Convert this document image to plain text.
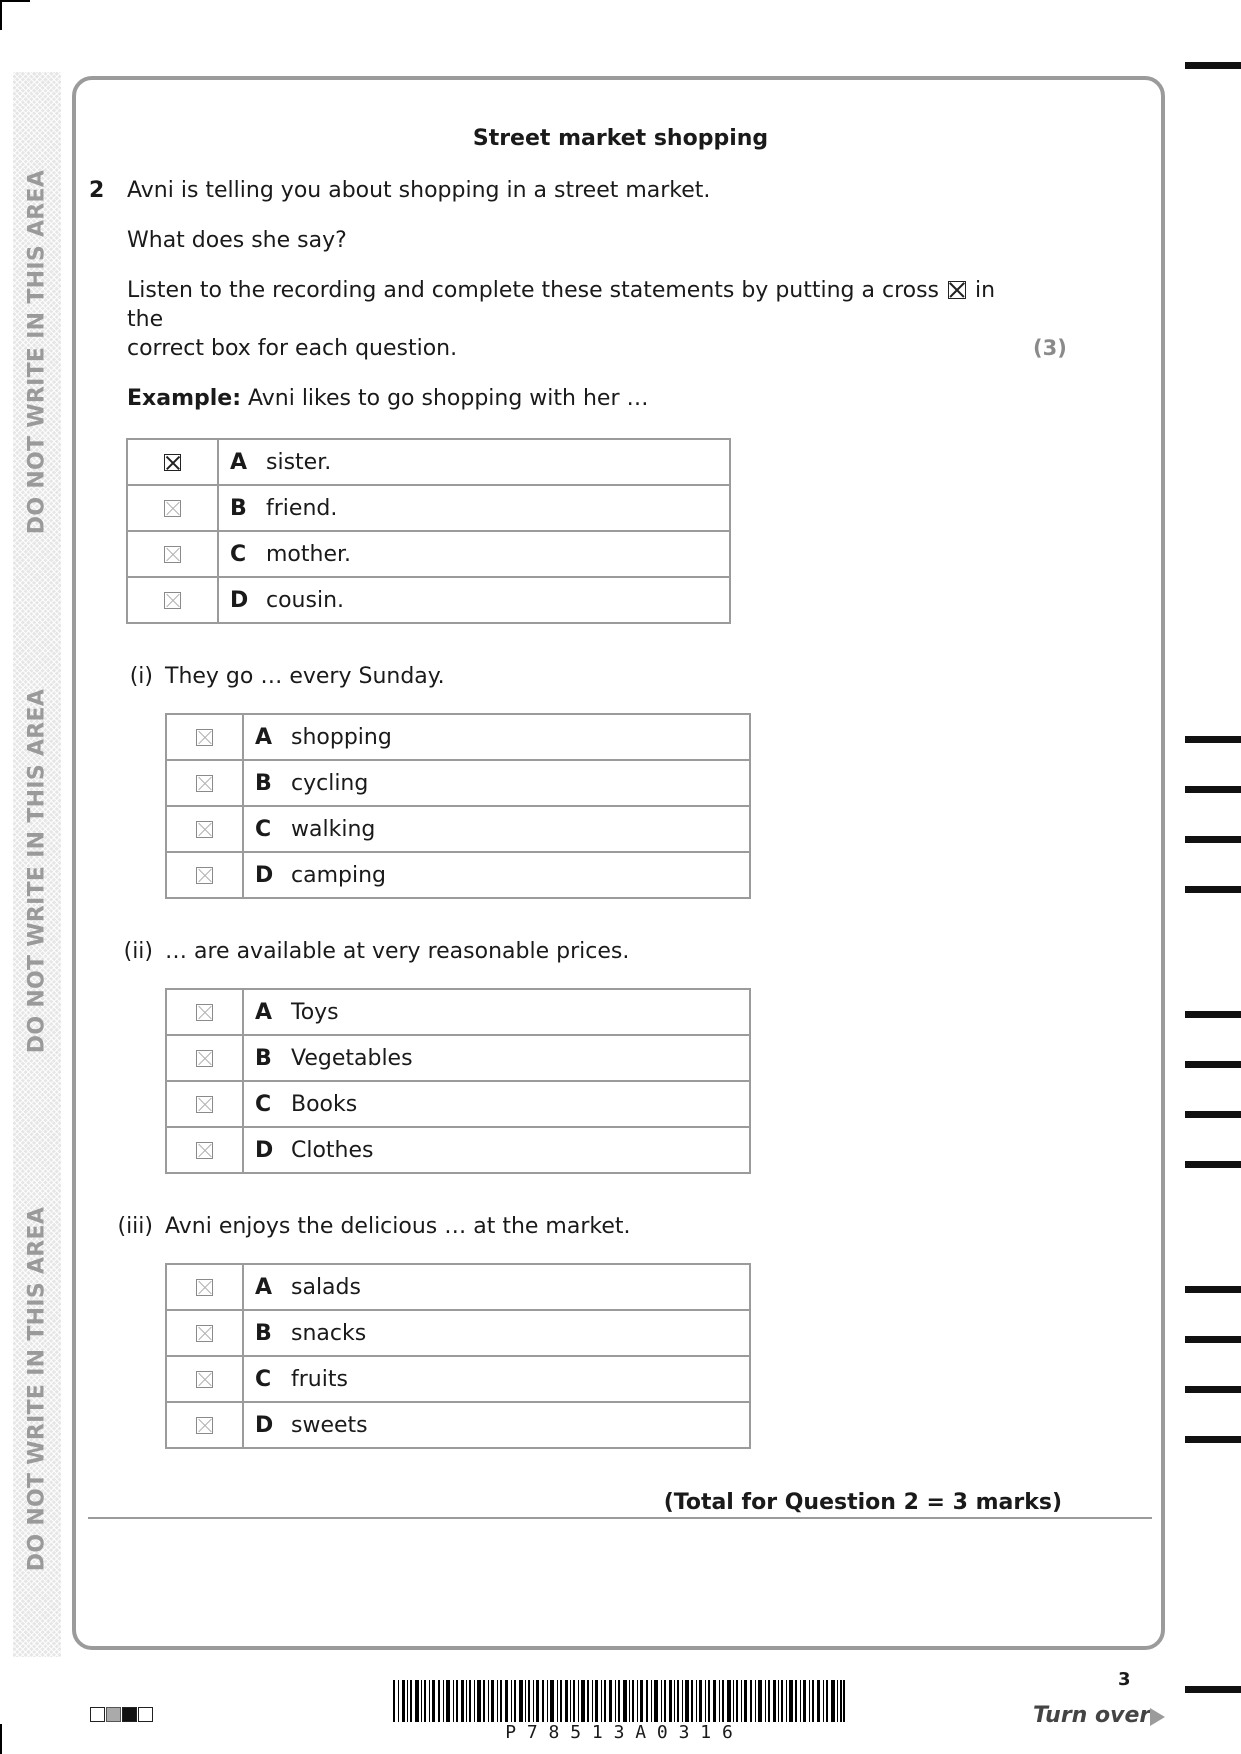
DO NOT WRITE IN THIS AREA
DO NOT WRITE IN THIS AREA
DO NOT WRITE IN THIS AREA
Street market shopping
2 Avni is telling you about shopping in a street market.
What does she say?
Listen to the recording and complete these statements by putting a cross ☒ in the
correct box for each question.	(3)
Example: Avni likes to go shopping with her …
	A sister.
	B friend.
	C mother.
	D cousin.
(i) They go … every Sunday.
	A shopping
	B cycling
	C walking
	D camping
(ii) … are available at very reasonable prices.
	A Toys
	B Vegetables
	C Books
	D Clothes
(iii) Avni enjoys the delicious … at the market.
	A salads
	B snacks
	C fruits
	D sweets
(Total for Question 2 = 3 marks)
P 7 8 5 1 3 A 0 3 1 6
3
Turn over
